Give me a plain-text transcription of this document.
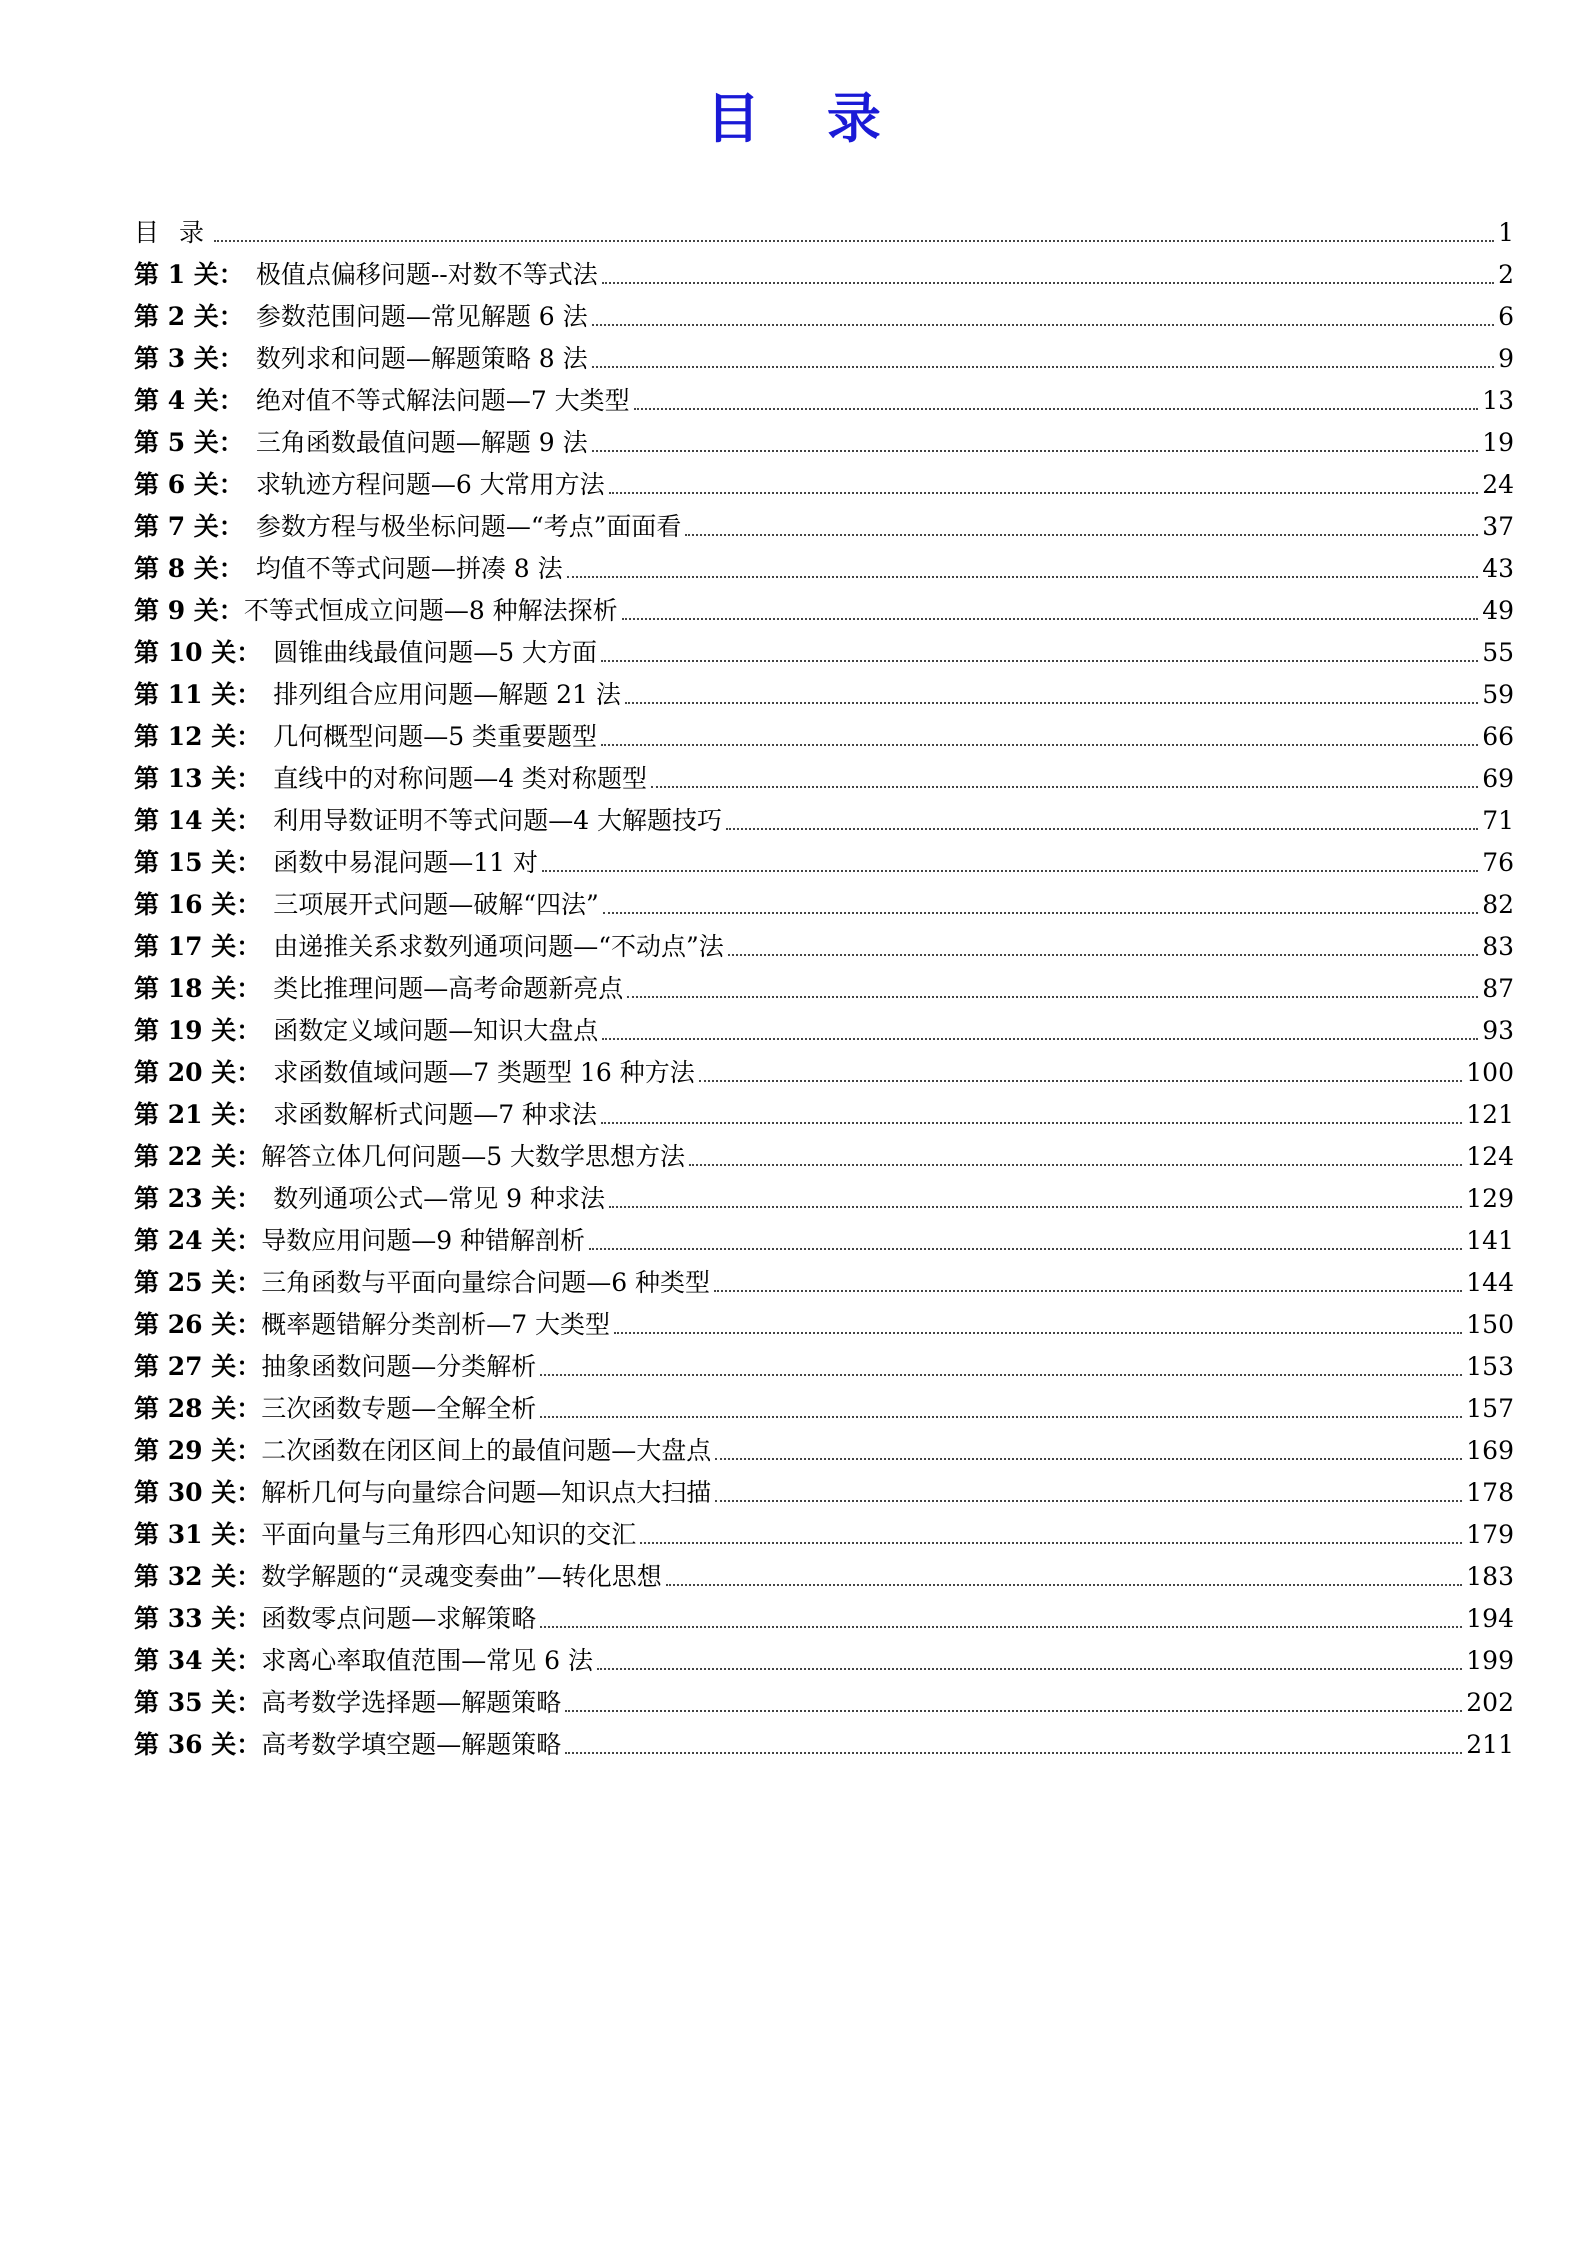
目 录
目 录	1
第 1 关： 极值点偏移问题--对数不等式法	2
第 2 关： 参数范围问题—常见解题 6 法	6
第 3 关： 数列求和问题—解题策略 8 法	9
第 4 关： 绝对值不等式解法问题—7 大类型	13
第 5 关： 三角函数最值问题—解题 9 法	19
第 6 关： 求轨迹方程问题—6 大常用方法	24
第 7 关： 参数方程与极坐标问题—“考点”面面看	37
第 8 关： 均值不等式问题—拼凑 8 法	43
第 9 关：不等式恒成立问题—8 种解法探析	49
第 10 关： 圆锥曲线最值问题—5 大方面	55
第 11 关： 排列组合应用问题—解题 21 法	59
第 12 关： 几何概型问题—5 类重要题型	66
第 13 关： 直线中的对称问题—4 类对称题型	69
第 14 关： 利用导数证明不等式问题—4 大解题技巧	71
第 15 关： 函数中易混问题—11 对	76
第 16 关： 三项展开式问题—破解“四法”	82
第 17 关： 由递推关系求数列通项问题—“不动点”法	83
第 18 关： 类比推理问题—高考命题新亮点	87
第 19 关： 函数定义域问题—知识大盘点	93
第 20 关： 求函数值域问题—7 类题型 16 种方法	100
第 21 关： 求函数解析式问题—7 种求法	121
第 22 关：解答立体几何问题—5 大数学思想方法	124
第 23 关： 数列通项公式—常见 9 种求法	129
第 24 关：导数应用问题—9 种错解剖析	141
第 25 关：三角函数与平面向量综合问题—6 种类型	144
第 26 关：概率题错解分类剖析—7 大类型	150
第 27 关：抽象函数问题—分类解析	153
第 28 关：三次函数专题—全解全析	157
第 29 关：二次函数在闭区间上的最值问题—大盘点	169
第 30 关：解析几何与向量综合问题—知识点大扫描	178
第 31 关：平面向量与三角形四心知识的交汇	179
第 32 关：数学解题的“灵魂变奏曲”—转化思想	183
第 33 关：函数零点问题—求解策略	194
第 34 关：求离心率取值范围—常见 6 法	199
第 35 关：高考数学选择题—解题策略	202
第 36 关：高考数学填空题—解题策略	211
